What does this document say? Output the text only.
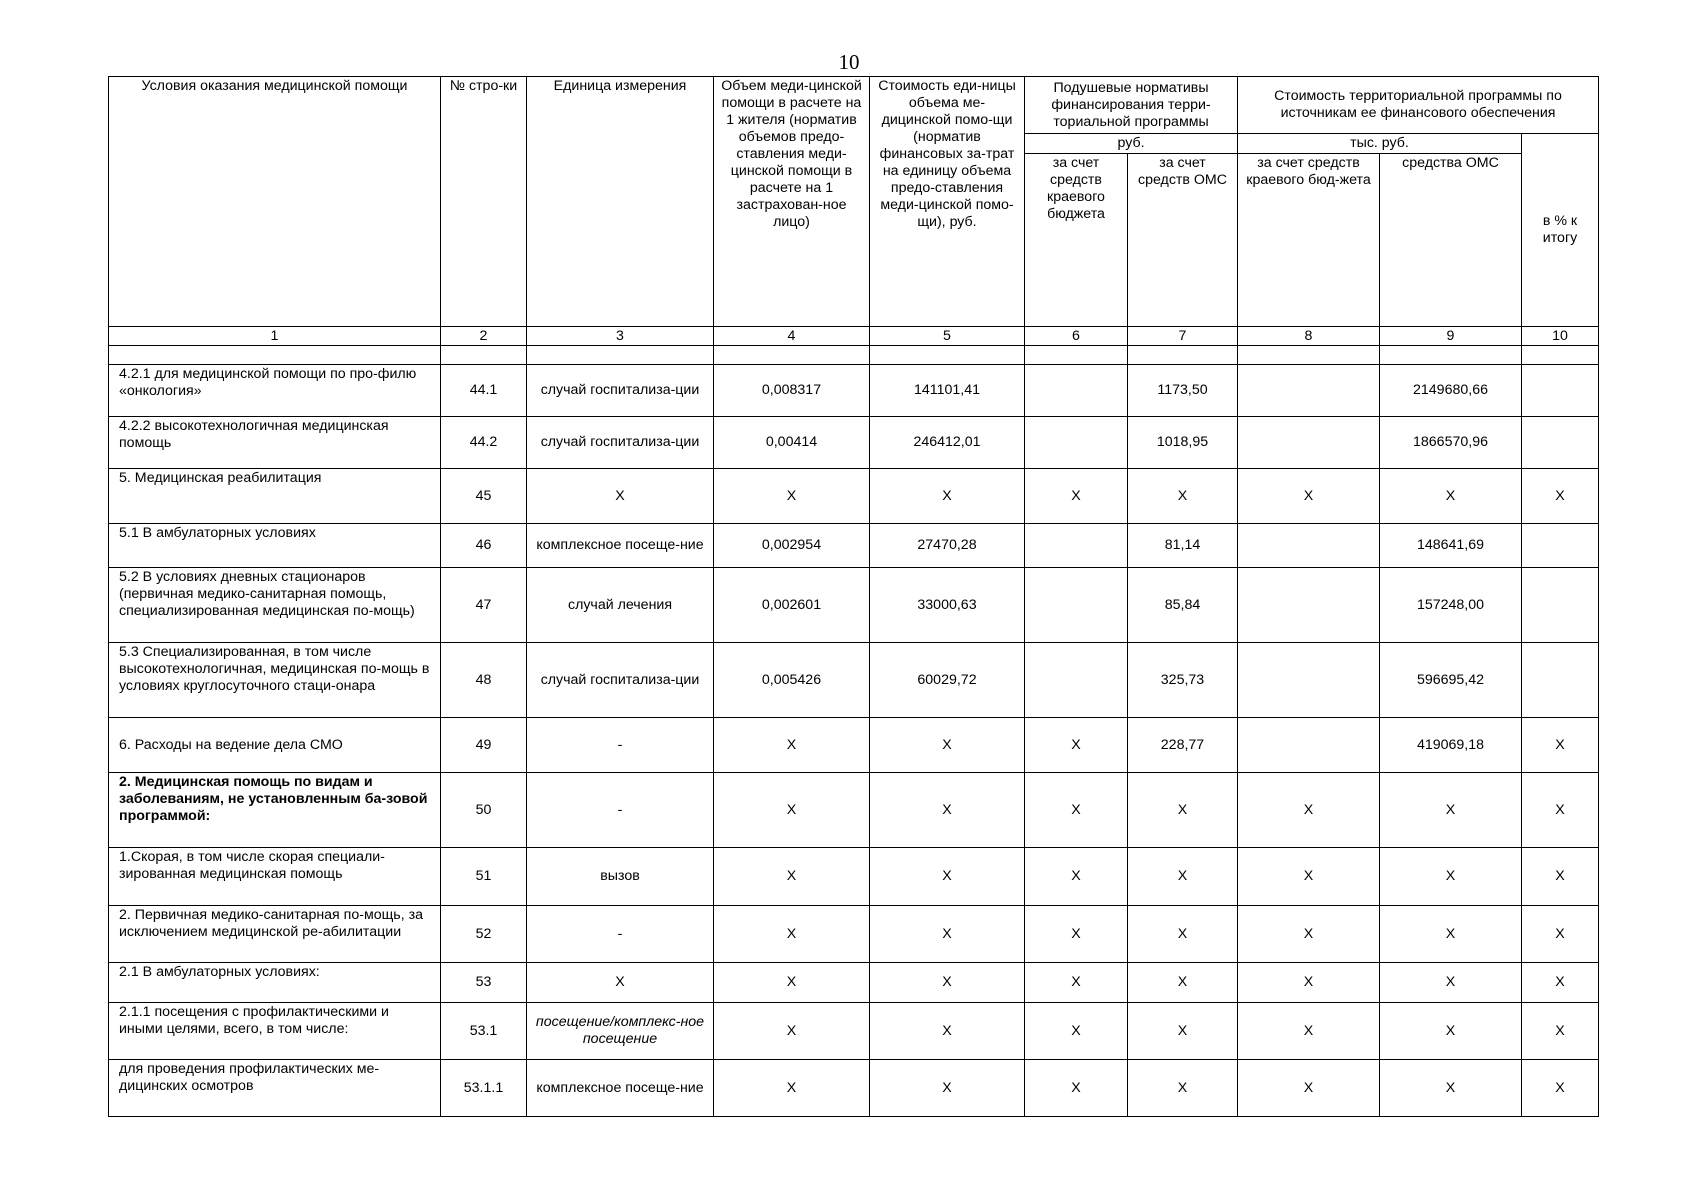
10
Условия оказания медицинской помощи	№ стро-ки	Единица измерения	Объем меди-цинской помощи в расчете на 1 жителя (норматив объемов предо-ставления меди-цинской помощи в расчете на 1 застрахован-ное лицо)	Стоимость еди-ницы объема ме-дицинской помо-щи (норматив финансовых за-трат на единицу объема предо-ставления меди-цинской помо-щи), руб.	Подушевые нормативы финансирования терри-ториальной программы		Стоимость территориальной программы по источникам ее финансового обеспечения		
					руб.		тыс. руб.		в % к итогу
					за счет средств краевого бюджета	за счет средств ОМС	за счет средств краевого бюд-жета	средства ОМС	
1	2	3	4	5	6	7	8	9	10

4.2.1 для медицинской помощи по про-филю «онкология»	44.1	случай госпитализа-ции	0,008317	141101,41		1173,50		2149680,66	
4.2.2 высокотехнологичная медицинская помощь	44.2	случай госпитализа-ции	0,00414	246412,01		1018,95		1866570,96	
5. Медицинская реабилитация	45	X	X	X	X	X	X	X	X
5.1 В амбулаторных условиях	46	комплексное посеще-ние	0,002954	27470,28		81,14		148641,69	
5.2 В условиях дневных стационаров (первичная медико-санитарная помощь, специализированная медицинская по-мощь)	47	случай лечения	0,002601	33000,63		85,84		157248,00	
5.3 Специализированная, в том числе высокотехнологичная, медицинская по-мощь в условиях круглосуточного стаци-онара	48	случай госпитализа-ции	0,005426	60029,72		325,73		596695,42	
6. Расходы на ведение дела СМО	49	-	X	X	X	228,77		419069,18	X
2. Медицинская помощь по видам и заболеваниям, не установленным ба-зовой программой:	50	-	X	X	X	X	X	X	X
1.Скорая, в том числе скорая специали-зированная медицинская помощь	51	вызов	X	X	X	X	X	X	X
2. Первичная медико-санитарная по-мощь, за исключением медицинской ре-абилитации	52	-	X	X	X	X	X	X	X
2.1 В амбулаторных условиях:	53	X	X	X	X	X	X	X	X
2.1.1 посещения с профилактическими и иными целями, всего, в том числе:	53.1	посещение/комплекс-ное посещение	X	X	X	X	X	X	X
для проведения профилактических ме-дицинских осмотров	53.1.1	комплексное посеще-ние	X	X	X	X	X	X	X
